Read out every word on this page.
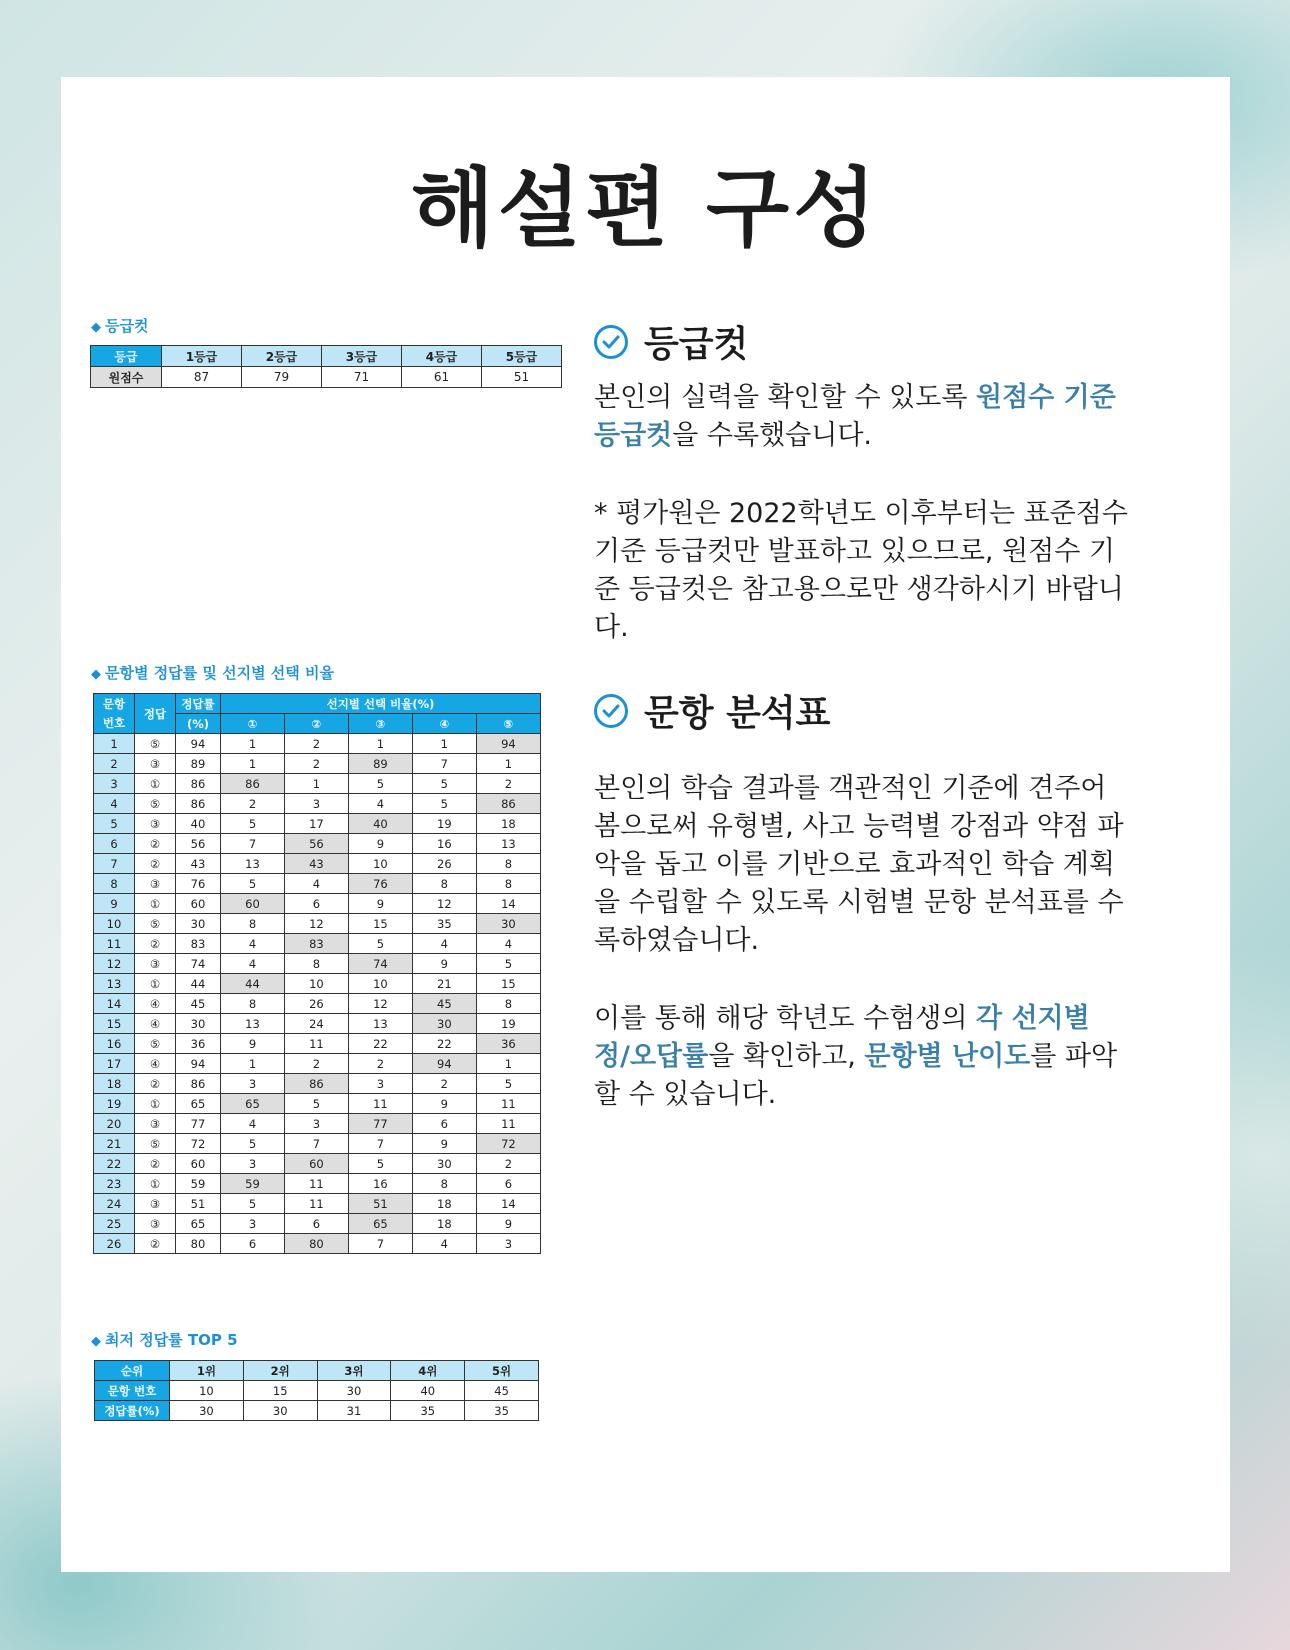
해설편 구성
◆ 등급컷
등급	1등급	2등급	3등급	4등급	5등급
원점수	87	79	71	61	51
등급컷
본인의 실력을 확인할 수 있도록 원점수 기준 등급컷을 수록했습니다.
* 평가원은 2022학년도 이후부터는 표준점수 기준 등급컷만 발표하고 있으므로, 원점수 기준 등급컷은 참고용으로만 생각하시기 바랍니다.
◆ 문항별 정답률 및 선지별 선택 비율
문항
번호	정답	정답률	선지별 선택 비율(%)				
		(%)	①	②	③	④	⑤
1	⑤	94	1	2	1	1	94
2	③	89	1	2	89	7	1
3	①	86	86	1	5	5	2
4	⑤	86	2	3	4	5	86
5	③	40	5	17	40	19	18
6	②	56	7	56	9	16	13
7	②	43	13	43	10	26	8
8	③	76	5	4	76	8	8
9	①	60	60	6	9	12	14
10	⑤	30	8	12	15	35	30
11	②	83	4	83	5	4	4
12	③	74	4	8	74	9	5
13	①	44	44	10	10	21	15
14	④	45	8	26	12	45	8
15	④	30	13	24	13	30	19
16	⑤	36	9	11	22	22	36
17	④	94	1	2	2	94	1
18	②	86	3	86	3	2	5
19	①	65	65	5	11	9	11
20	③	77	4	3	77	6	11
21	⑤	72	5	7	7	9	72
22	②	60	3	60	5	30	2
23	①	59	59	11	16	8	6
24	③	51	5	11	51	18	14
25	③	65	3	6	65	18	9
26	②	80	6	80	7	4	3
◆ 최저 정답률 TOP 5
순위	1위	2위	3위	4위	5위
문항 번호	10	15	30	40	45
정답률(%)	30	30	31	35	35
문항 분석표
본인의 학습 결과를 객관적인 기준에 견주어 봄으로써 유형별, 사고 능력별 강점과 약점 파악을 돕고 이를 기반으로 효과적인 학습 계획을 수립할 수 있도록 시험별 문항 분석표를 수록하였습니다.
이를 통해 해당 학년도 수험생의 각 선지별 정/오답률을 확인하고, 문항별 난이도를 파악할 수 있습니다.
